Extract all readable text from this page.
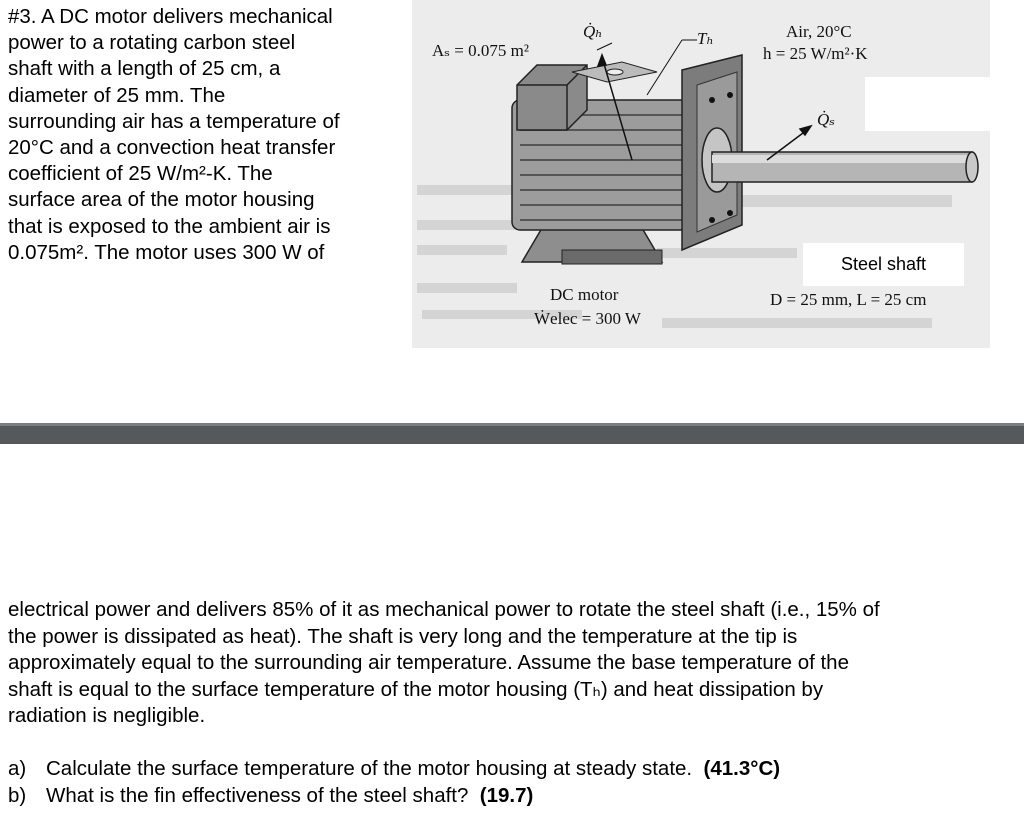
#3. A DC motor delivers mechanical
power to a rotating carbon steel
shaft with a length of 25 cm, a
diameter of 25 mm. The
surrounding air has a temperature of
20°C and a convection heat transfer
coefficient of 25 W/m²-K. The
surface area of the motor housing
that is exposed to the ambient air is
0.075m². The motor uses 300 W of
Aₛ = 0.075 m²
Q̇ₕ	Tₕ	Air, 20°C
h = 25 W/m²·K
Q̇ₛ
Steel shaft
DC motor
Ẇelec = 300 W
D = 25 mm, L = 25 cm
electrical power and delivers 85% of it as mechanical power to rotate the steel shaft (i.e., 15% of
the power is dissipated as heat). The shaft is very long and the temperature at the tip is
approximately equal to the surrounding air temperature. Assume the base temperature of the
shaft is equal to the surface temperature of the motor housing (Tₕ) and heat dissipation by
radiation is negligible.
a) Calculate the surface temperature of the motor housing at steady state.
(41.3°C)
b) What is the fin effectiveness of the steel shaft?
(19.7)
